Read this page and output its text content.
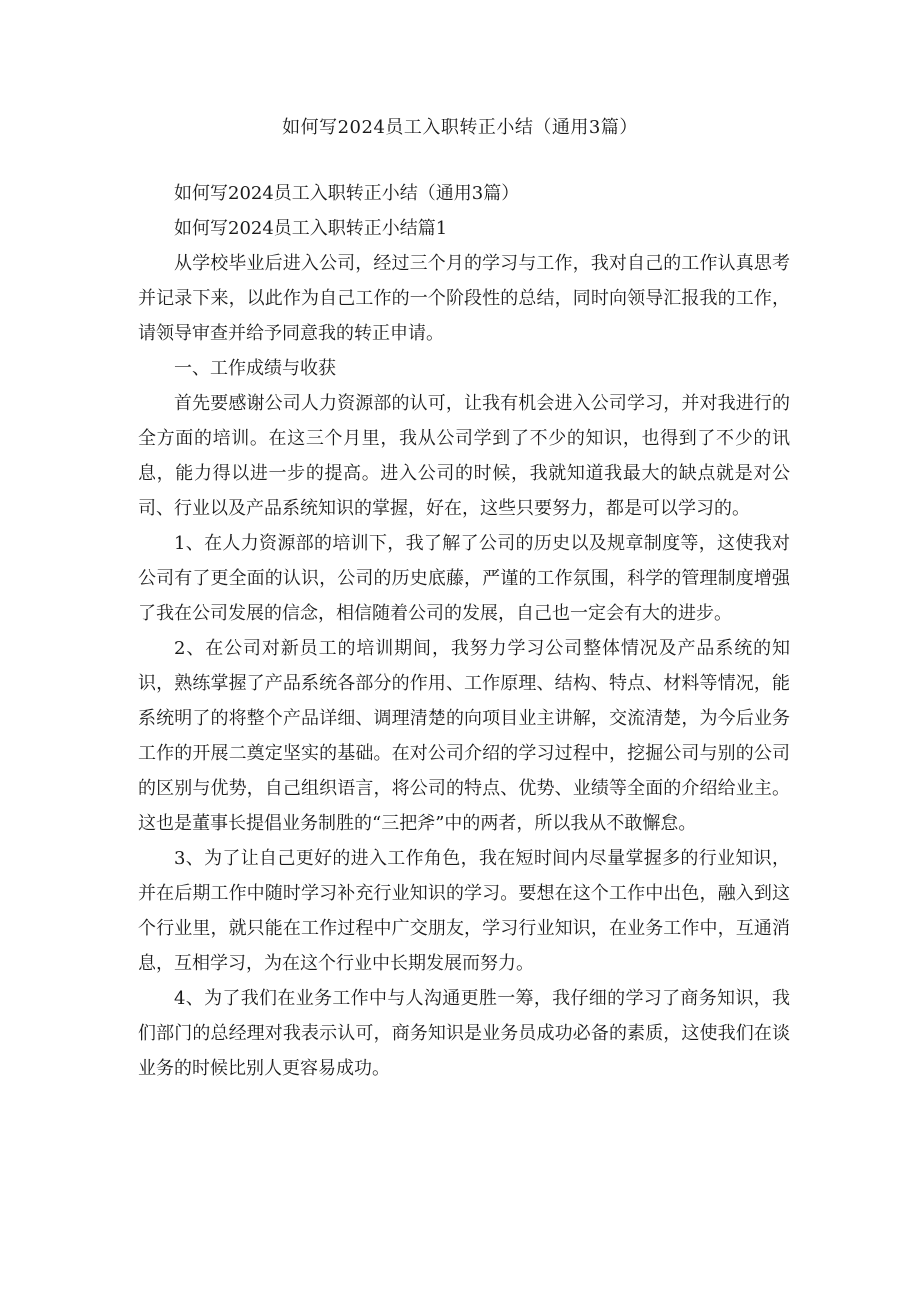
如何写2024员工入职转正小结（通用3篇）

如何写2024员工入职转正小结（通用3篇）

如何写2024员工入职转正小结篇1

从学校毕业后进入公司，经过三个月的学习与工作，我对自己的工作认真思考并记录下来，以此作为自己工作的一个阶段性的总结，同时向领导汇报我的工作，请领导审查并给予同意我的转正申请。

一、工作成绩与收获

首先要感谢公司人力资源部的认可，让我有机会进入公司学习，并对我进行的全方面的培训。在这三个月里，我从公司学到了不少的知识，也得到了不少的讯息，能力得以进一步的提高。进入公司的时候，我就知道我最大的缺点就是对公司、行业以及产品系统知识的掌握，好在，这些只要努力，都是可以学习的。

1、在人力资源部的培训下，我了解了公司的历史以及规章制度等，这使我对公司有了更全面的认识，公司的历史底藤，严谨的工作氛围，科学的管理制度增强了我在公司发展的信念，相信随着公司的发展，自己也一定会有大的进步。

2、在公司对新员工的培训期间，我努力学习公司整体情况及产品系统的知识，熟练掌握了产品系统各部分的作用、工作原理、结构、特点、材料等情况，能系统明了的将整个产品详细、调理清楚的向项目业主讲解，交流清楚，为今后业务工作的开展二奠定坚实的基础。在对公司介绍的学习过程中，挖掘公司与别的公司的区别与优势，自己组织语言，将公司的特点、优势、业绩等全面的介绍给业主。这也是董事长提倡业务制胜的“三把斧”中的两者，所以我从不敢懈怠。

3、为了让自己更好的进入工作角色，我在短时间内尽量掌握多的行业知识，并在后期工作中随时学习补充行业知识的学习。要想在这个工作中出色，融入到这个行业里，就只能在工作过程中广交朋友，学习行业知识，在业务工作中，互通消息，互相学习，为在这个行业中长期发展而努力。

4、为了我们在业务工作中与人沟通更胜一筹，我仔细的学习了商务知识，我们部门的总经理对我表示认可，商务知识是业务员成功必备的素质，这使我们在谈业务的时候比别人更容易成功。
